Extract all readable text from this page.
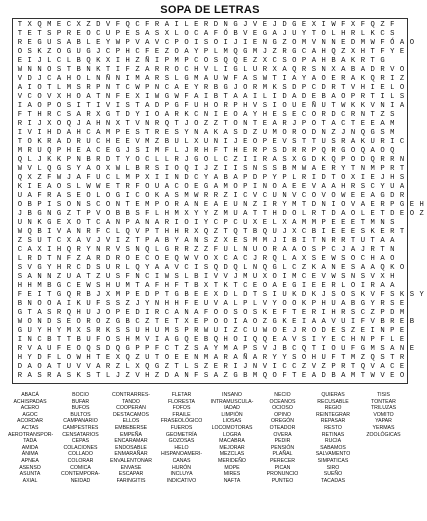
SOPA DE LETRAS
T X Q M E C X Z D V F Q C F R A I L E R D N G J V E J D G E X I W F X F Q Z F
T E T S P R E O C U P E S A S X L O C A F Ó B V E G A J U Y T O L H R L K C S
R E G U S A B L E Y W P V A V C P O I S O I J I E N G Z O M V N N E D M W F Ó A O
O S K Z O G U G J C P H C F E Z O A Y P L M Q G M J Z R G C A H Q Z X H T F Y E
E I J L C L B Q K X I H Z Ñ I P M P C O S Q Q E Z X C S O P A H B A K R T G
W N N O S T B N K T I F Z A R R O C H V L I G L U R X A Q R S N X A B A D R V O
V D J C A H O L N Ñ N I M A R S L G M A U W F A S W T I A Y A O E R A K Q R I Z
A I O T L M S R P N T C W P N C A E Y R B G J O R M K S D P C D R T V H I E L O
V C O V X H O A T N F E X I W G W F A I B T A A I L I D A D E B A O P R T I L S
I A O P O S I T I V I S T A D P G F U H O R P H V S I O U E Ñ U T W K K V N I A
F T H R C S A R X G T D Y I O A R K C N I E O A Y H E S E C O R D C R N T Z S
R I J X O Q J A H N X T V N R Q T J O Z Z T O N T E A R J P O T A C T E E A M
I V I H D A H C A M P E S T R E S Y N A K A S D Z U M O R O D N Z J N Q G S M
T O K R A D R U C H E E V M Z B U L X U N I J E O P E V S T T U S R A K U R I C
M R U Q P H E A C E G J S I M F L J R H F T H E R P S D R R P Q R G O Q A O Q
Q L J K K P N B R D T Y O C L L R J G O L C Z I I R A S X G D K Q P O D Q R R N
W V L Q G S Y A O X W L B R S I O Q I J Z I I S N S S B M W A E R Y T N M P R T
Q X Z F W J A F U C L M P X I I N D C Y A B A P D P Y P L R I D T O X I E J H S
K I E A O S L W W E T R F O U A C O E G A M O P I N O A E E V A A H R S C Y U A
U A F R A S E O L O G I C O K A S M W R R Z I C V C U N V C O V O W E E A G D R
O B P I S O N S C O N T E M P O R A N E A E U N Z I R Y M T D N I O V A E R P G E H
J B G N G Z T P V O B B S F L H M X Y Y Z M U A T T H D O L R T D A O L E T D E O Z
U N K G E X O T C A N P A N A R I O I Y C P C U X E L X A M M P E E E T M N S
W Q B I V A N R F C L Q V P T H H R X Q Z T Q T B Q U J X C B I E E E S K E R T
Z S U T C X A V J V I Z T P A B Y A N S Z X E S M M J I B I T N R R T U T A A
C A X I H Q R Y N R V S N Q L G R R Z Z F U L N U O R A A O S P C J A J R T N
L R D T N F Z A R D R O E C O E Q W V O X C A C J R Q L A X S E W S O C H A O
S V G Y H R C D S U R L Q Y A A V C I S Q D Q L N Q G L C Z K A N E S A A Q K O
S A N N Z U A T Z U S F N C I W S L B I V V J M U X O I M C E V W S N S V X H
H H M B G C E W S H U M T A F H F T B X T K T C E O A E G I E E R L O I R A A
F E I T G Q R B J X M P E D P T G B E E X D L D T S I U K D K J S O S K V F S K S Y
B N O O A I K U F S S Z J Y N H H F E U V A L P L V Y O O K P H U A B G Y R S E
G T A S R Q H U J O P E D I R C A N A F O O S O S K E F T E R I H R S C Z P D M
W O N D S E O R O Z G B C Z T E T X E P O O I A O Z G K E I A A V U I F V B R E B
G U Y H Y M X S R K S S U H U M S P R W U I Z C U W O E J R O D E S Z E I N P E
I N C B T T B U F O S H M V I A G Q E B Q H O I Q Q E A V S I Y E C H N P F L E
R V A U F E O Q S D Q G P P F C T Z S A Y M A P S V J B C Q T I O U F G M S A N E
H Y D F L O W H T E X Q Z U T O E E N M A R A Ñ A R Y Y S O H U F T M Z Q S T R
D A O A T U V V A R Z L X Q G Z T L S Z E R I J N V I C C Z V Z P R T Q V A C E
R A S R A S K S T L J Z V H Z D A N F S A Z G B M Q O F T E A D B A M T W V E O
ABACÁ
ACHISPADAS
ACERO
AGOC
ACORDAR
ACTAS
AEROTRANSPOR-
TADA
AMIDA
ÁNIMA
APNEA
ASENSO
ASUNTA
AXIAL
BOCIO
BUFAR
BUFOS
BULTOS
CAMPANARIO
CAMPESTRES
CENSATARIOS
CEPAS
COLACIONES
COLLADO
COLORAR
COMICA
CONTEMPORA-
NEIDAD
CONTRARRES-
TANDO
COOPERAN
DESTACAMOS
ELLOS
EMBEBERSE
EMPEÑA
ENCARAMAR
ENDOSABLE
ENMARAÑAR
ENVALENTONAR
ENVASE
ESCAPAR
FARINGITIS
FLETAR
FLORESTA
FOFOS
FRAILE
FRASEOLÓGICO
FUEROS
GEOMETRÍA
GOZOSAS
HELO
HISPANOAMERI-
CANAS
HURÓN
INCLUYA
INDICATIVO
INSANO
INTRAMUSCULA-
IADAD
LIMPIÓN
LIOSAS
LOCOMOTORAS
LOGRA
MACABRA
MEJORAR
MEZCLAS
MERIDEÑO
MOPE
MIRES
NAFTA
NECIO
OCEANOS
OCIOSO
OPINO
OREGÓN
OTEADOR
OVERA
PEDIR
PENSIÓN
PLAÑAL
PERECER
PICAN
PRONUNCIO
PUNTEO
QUIERAS
RECUSABLE
REGIO
REINTEGRAR
REPASAR
RESTO
RETINAS
RUCIA
SABAMOS
SALVAMENTO
SIMPATICAS
SIRO
SUEÑO
TACADAS
TISIS
TONTEAR
TRILUZAS
VOMITO
YAPAR
YERMAS
ZOOLÓGICAS
